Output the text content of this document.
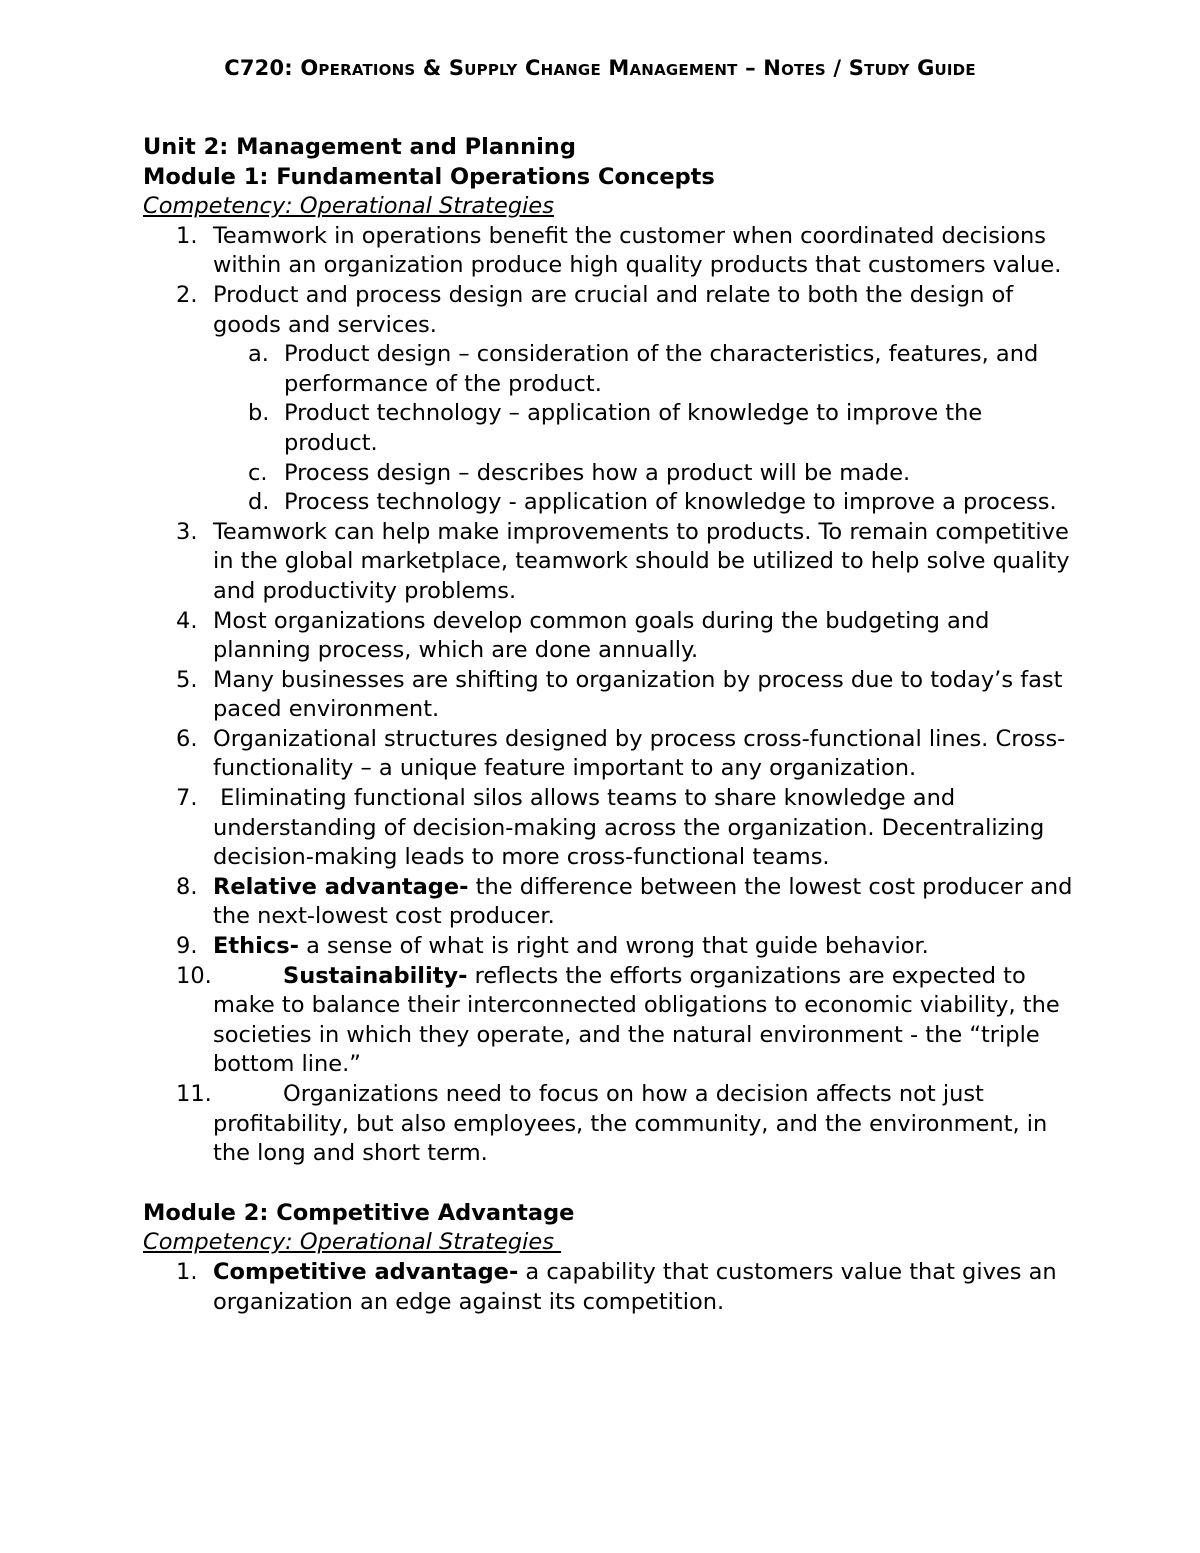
C720: Operations & Supply Change Management – Notes / Study Guide

Unit 2: Management and Planning

Module 1: Fundamental Operations Concepts

Competency: Operational Strategies

1. Teamwork in operations benefit the customer when coordinated decisions within an organization produce high quality products that customers value.
2. Product and process design are crucial and relate to both the design of goods and services.
a. Product design – consideration of the characteristics, features, and performance of the product.
b. Product technology – application of knowledge to improve the product.
c. Process design – describes how a product will be made.
d. Process technology - application of knowledge to improve a process.
3. Teamwork can help make improvements to products. To remain competitive in the global marketplace, teamwork should be utilized to help solve quality and productivity problems.
4. Most organizations develop common goals during the budgeting and planning process, which are done annually.
5. Many businesses are shifting to organization by process due to today’s fast paced environment.
6. Organizational structures designed by process cross-functional lines. Cross-functionality – a unique feature important to any organization.
7. Eliminating functional silos allows teams to share knowledge and understanding of decision-making across the organization. Decentralizing decision-making leads to more cross-functional teams.
8. Relative advantage- the difference between the lowest cost producer and the next-lowest cost producer.
9. Ethics- a sense of what is right and wrong that guide behavior.
10.	Sustainability- reflects the efforts organizations are expected to make to balance their interconnected obligations to economic viability, the societies in which they operate, and the natural environment - the “triple bottom line.”
11.	Organizations need to focus on how a decision affects not just profitability, but also employees, the community, and the environment, in the long and short term.

Module 2: Competitive Advantage

Competency: Operational Strategies

1. Competitive advantage- a capability that customers value that gives an organization an edge against its competition.
